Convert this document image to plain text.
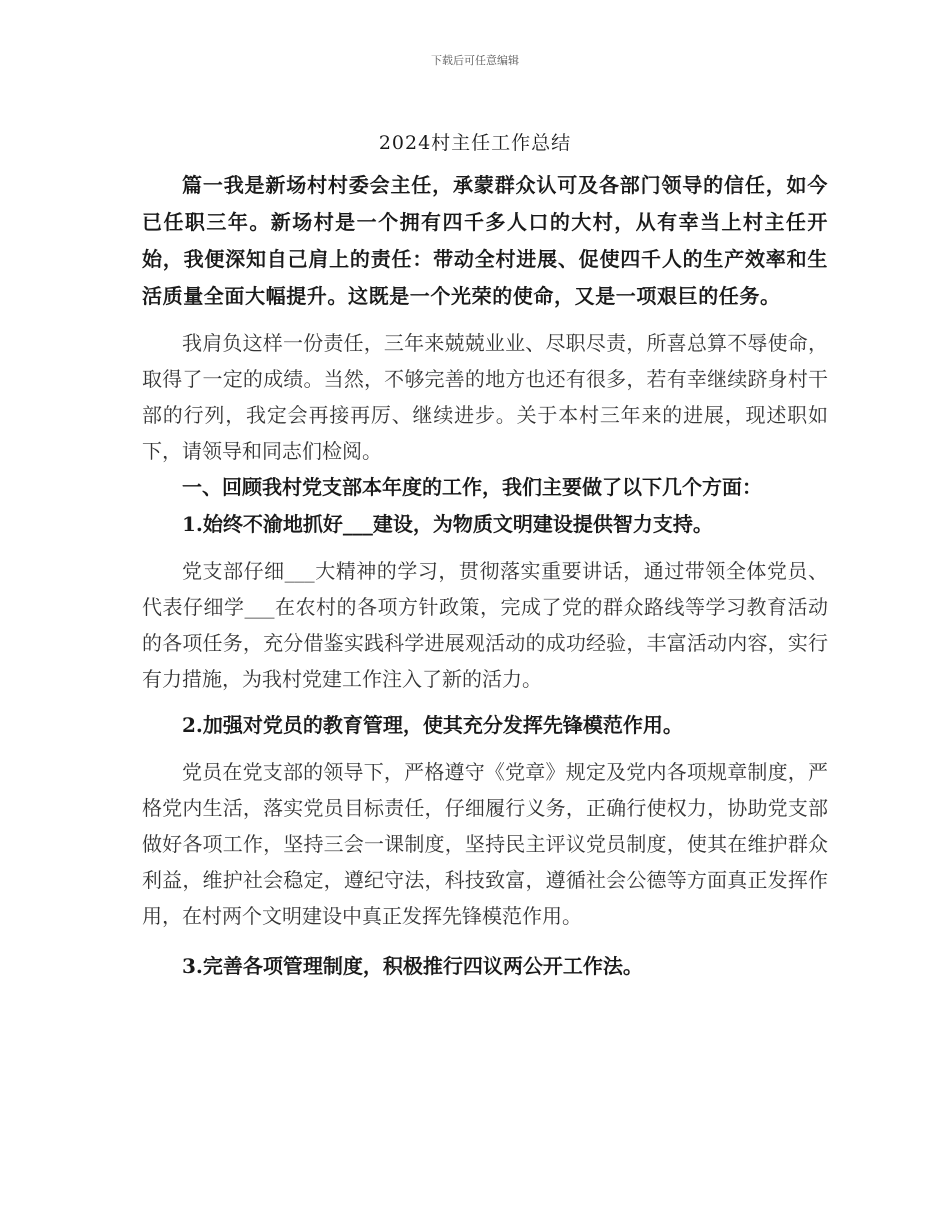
下载后可任意编辑
2024村主任工作总结

篇一我是新场村村委会主任，承蒙群众认可及各部门领导的信任，如今已任职三年。新场村是一个拥有四千多人口的大村，从有幸当上村主任开始，我便深知自己肩上的责任：带动全村进展、促使四千人的生产效率和生活质量全面大幅提升。这既是一个光荣的使命，又是一项艰巨的任务。

我肩负这样一份责任，三年来兢兢业业、尽职尽责，所喜总算不辱使命，取得了一定的成绩。当然，不够完善的地方也还有很多，若有幸继续跻身村干部的行列，我定会再接再厉、继续进步。关于本村三年来的进展，现述职如下，请领导和同志们检阅。

一、回顾我村党支部本年度的工作，我们主要做了以下几个方面：

1.始终不渝地抓好___建设，为物质文明建设提供智力支持。

党支部仔细___大精神的学习，贯彻落实重要讲话，通过带领全体党员、代表仔细学___在农村的各项方针政策，完成了党的群众路线等学习教育活动的各项任务，充分借鉴实践科学进展观活动的成功经验，丰富活动内容，实行有力措施，为我村党建工作注入了新的活力。

2.加强对党员的教育管理，使其充分发挥先锋模范作用。

党员在党支部的领导下，严格遵守《党章》规定及党内各项规章制度，严格党内生活，落实党员目标责任，仔细履行义务，正确行使权力，协助党支部做好各项工作，坚持三会一课制度，坚持民主评议党员制度，使其在维护群众利益，维护社会稳定，遵纪守法，科技致富，遵循社会公德等方面真正发挥作用，在村两个文明建设中真正发挥先锋模范作用。

3.完善各项管理制度，积极推行四议两公开工作法。
